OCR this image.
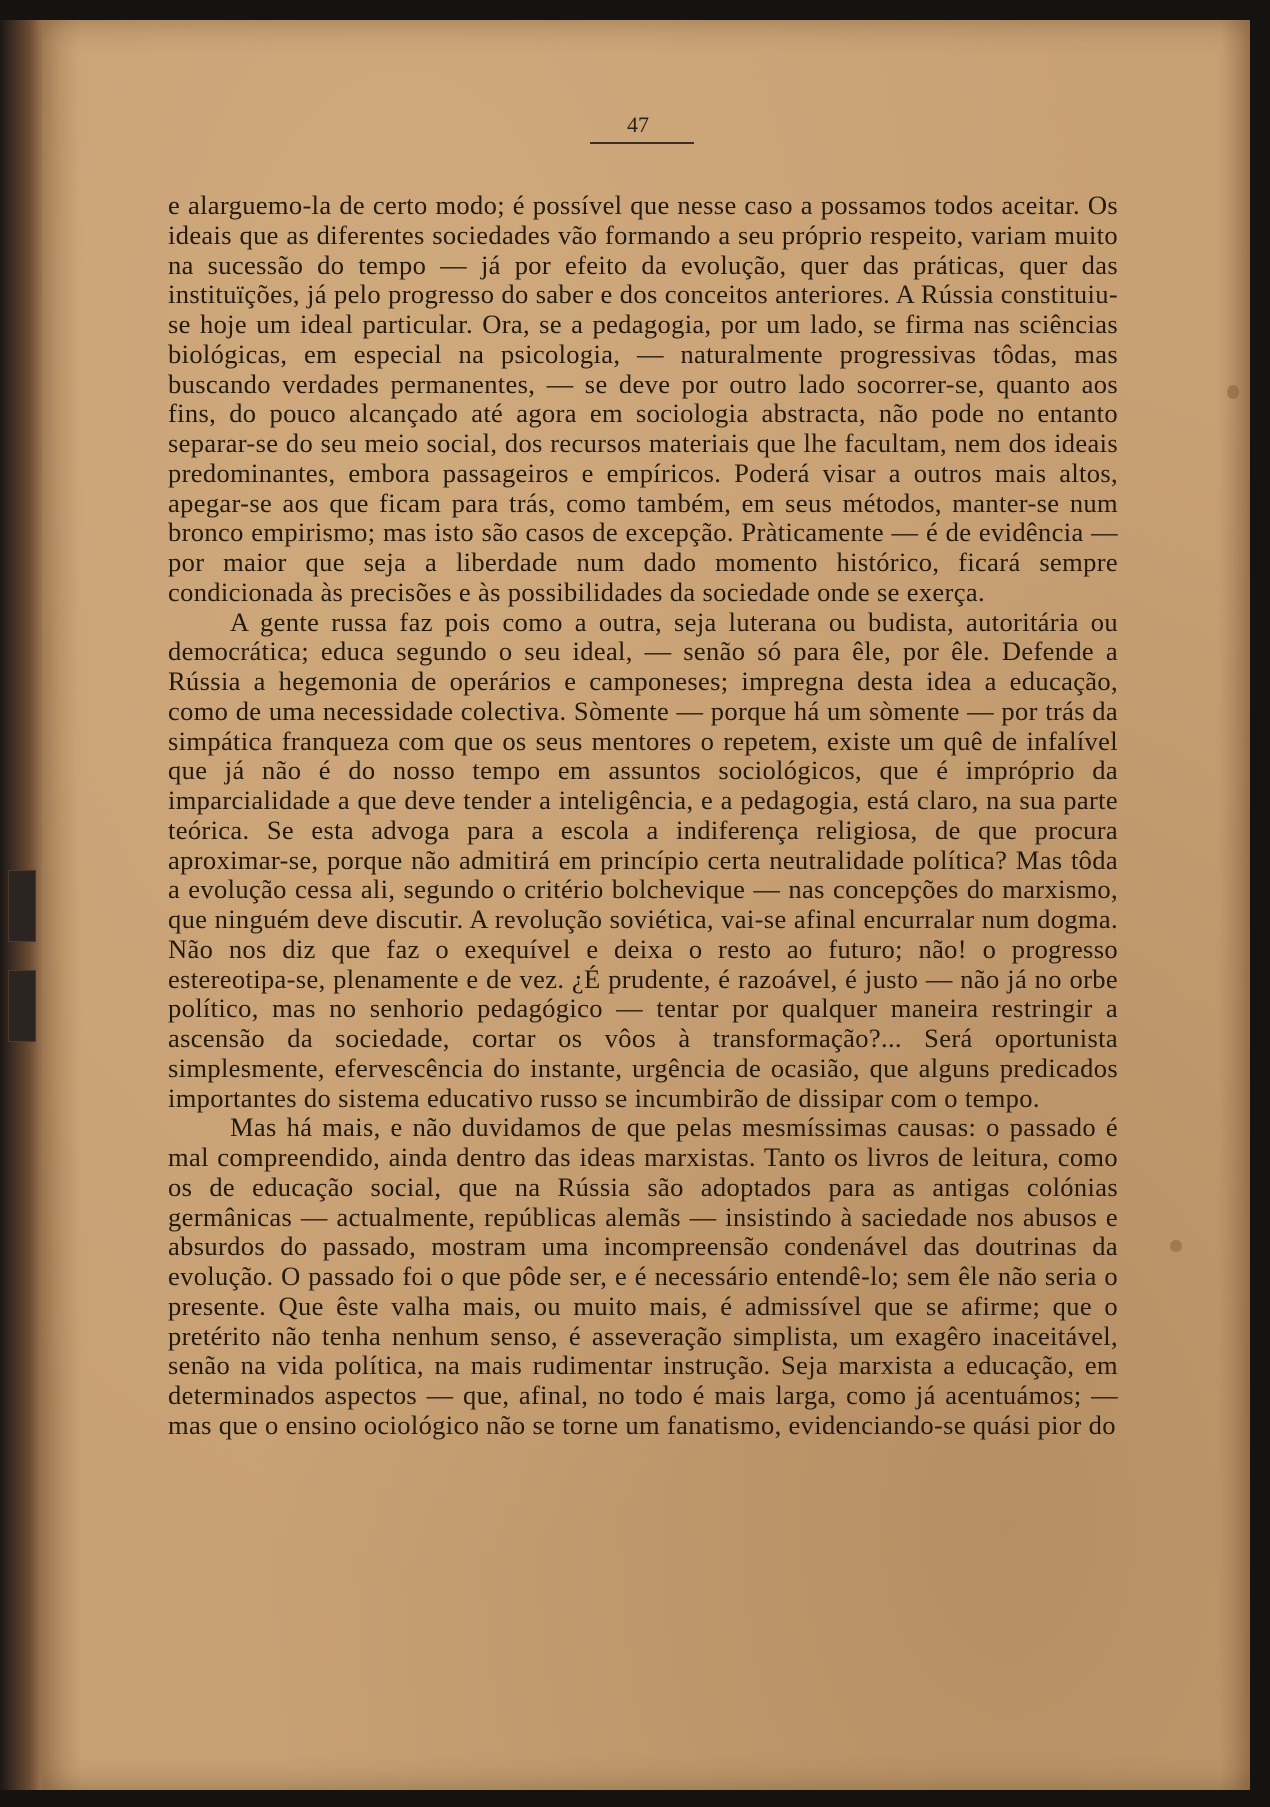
47

e alarguemo-la de certo modo; é possível que nesse caso a possamos todos aceitar. Os ideais que as diferentes sociedades vão formando a seu próprio respeito, variam muito na sucessão do tempo — já por efeito da evolução, quer das práticas, quer das instituïções, já pelo progresso do saber e dos conceitos anteriores. A Rússia constituiu-se hoje um ideal particular. Ora, se a pedagogia, por um lado, se firma nas sciências biológicas, em especial na psicologia, — naturalmente progressivas tôdas, mas buscando verdades permanentes, — se deve por outro lado socorrer-se, quanto aos fins, do pouco alcançado até agora em sociologia abstracta, não pode no entanto separar-se do seu meio social, dos recursos materiais que lhe facultam, nem dos ideais predominantes, embora passageiros e empíricos. Poderá visar a outros mais altos, apegar-se aos que ficam para trás, como também, em seus métodos, manter-se num bronco empirismo; mas isto são casos de excepção. Pràticamente — é de evidência — por maior que seja a liberdade num dado momento histórico, ficará sempre condicionada às precisões e às possibilidades da sociedade onde se exerça.

A gente russa faz pois como a outra, seja luterana ou budista, autoritária ou democrática; educa segundo o seu ideal, — senão só para êle, por êle. Defende a Rússia a hegemonia de operários e camponeses; impregna desta idea a educação, como de uma necessidade colectiva. Sòmente — porque há um sòmente — por trás da simpática franqueza com que os seus mentores o repetem, existe um quê de infalível que já não é do nosso tempo em assuntos sociológicos, que é impróprio da imparcialidade a que deve tender a inteligência, e a pedagogia, está claro, na sua parte teórica. Se esta advoga para a escola a indiferença religiosa, de que procura aproximar-se, porque não admitirá em princípio certa neutralidade política? Mas tôda a evolução cessa ali, segundo o critério bolchevique — nas concepções do marxismo, que ninguém deve discutir. A revolução soviética, vai-se afinal encurralar num dogma. Não nos diz que faz o exequível e deixa o resto ao futuro; não! o progresso estereotipa-se, plenamente e de vez. ¿É prudente, é razoável, é justo — não já no orbe político, mas no senhorio pedagógico — tentar por qualquer maneira restringir a ascensão da sociedade, cortar os vôos à transformação?... Será oportunista simplesmente, efervescência do instante, urgência de ocasião, que alguns predicados importantes do sistema educativo russo se incumbirão de dissipar com o tempo.

Mas há mais, e não duvidamos de que pelas mesmíssimas causas: o passado é mal compreendido, ainda dentro das ideas marxistas. Tanto os livros de leitura, como os de educação social, que na Rússia são adoptados para as antigas colónias germânicas — actualmente, repúblicas alemãs — insistindo à saciedade nos abusos e absurdos do passado, mostram uma incompreensão condenável das doutrinas da evolução. O passado foi o que pôde ser, e é necessário entendê-lo; sem êle não seria o presente. Que êste valha mais, ou muito mais, é admissível que se afirme; que o pretérito não tenha nenhum senso, é asseveração simplista, um exagêro inaceitável, senão na vida política, na mais rudimentar instrução. Seja marxista a educação, em determinados aspectos — que, afinal, no todo é mais larga, como já acentuámos; — mas que o ensino ociológico não se torne um fanatismo, evidenciando-se quási pior do
